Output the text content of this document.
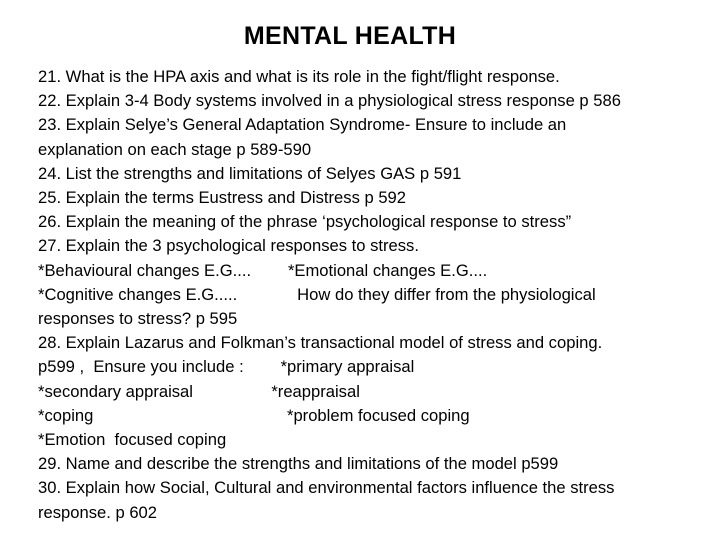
MENTAL HEALTH
21. What is the HPA axis and what is its role in the fight/flight response.
22. Explain 3-4 Body systems involved in a physiological stress response p 586
23. Explain Selye’s General Adaptation Syndrome- Ensure to include an
explanation on each stage p 589-590
24. List the strengths and limitations of Selyes GAS p 591
25. Explain the terms Eustress and Distress p 592
26. Explain the meaning of the phrase ‘psychological response to stress”
27. Explain the 3 psychological responses to stress.
*Behavioural changes E.G....        *Emotional changes E.G....
*Cognitive changes E.G.....             How do they differ from the physiological
responses to stress? p 595
28. Explain Lazarus and Folkman’s transactional model of stress and coping.
p599 ,  Ensure you include :        *primary appraisal
*secondary appraisal                 *reappraisal
*coping                                          *problem focused coping
*Emotion  focused coping
29. Name and describe the strengths and limitations of the model p599
30. Explain how Social, Cultural and environmental factors influence the stress
response. p 602
